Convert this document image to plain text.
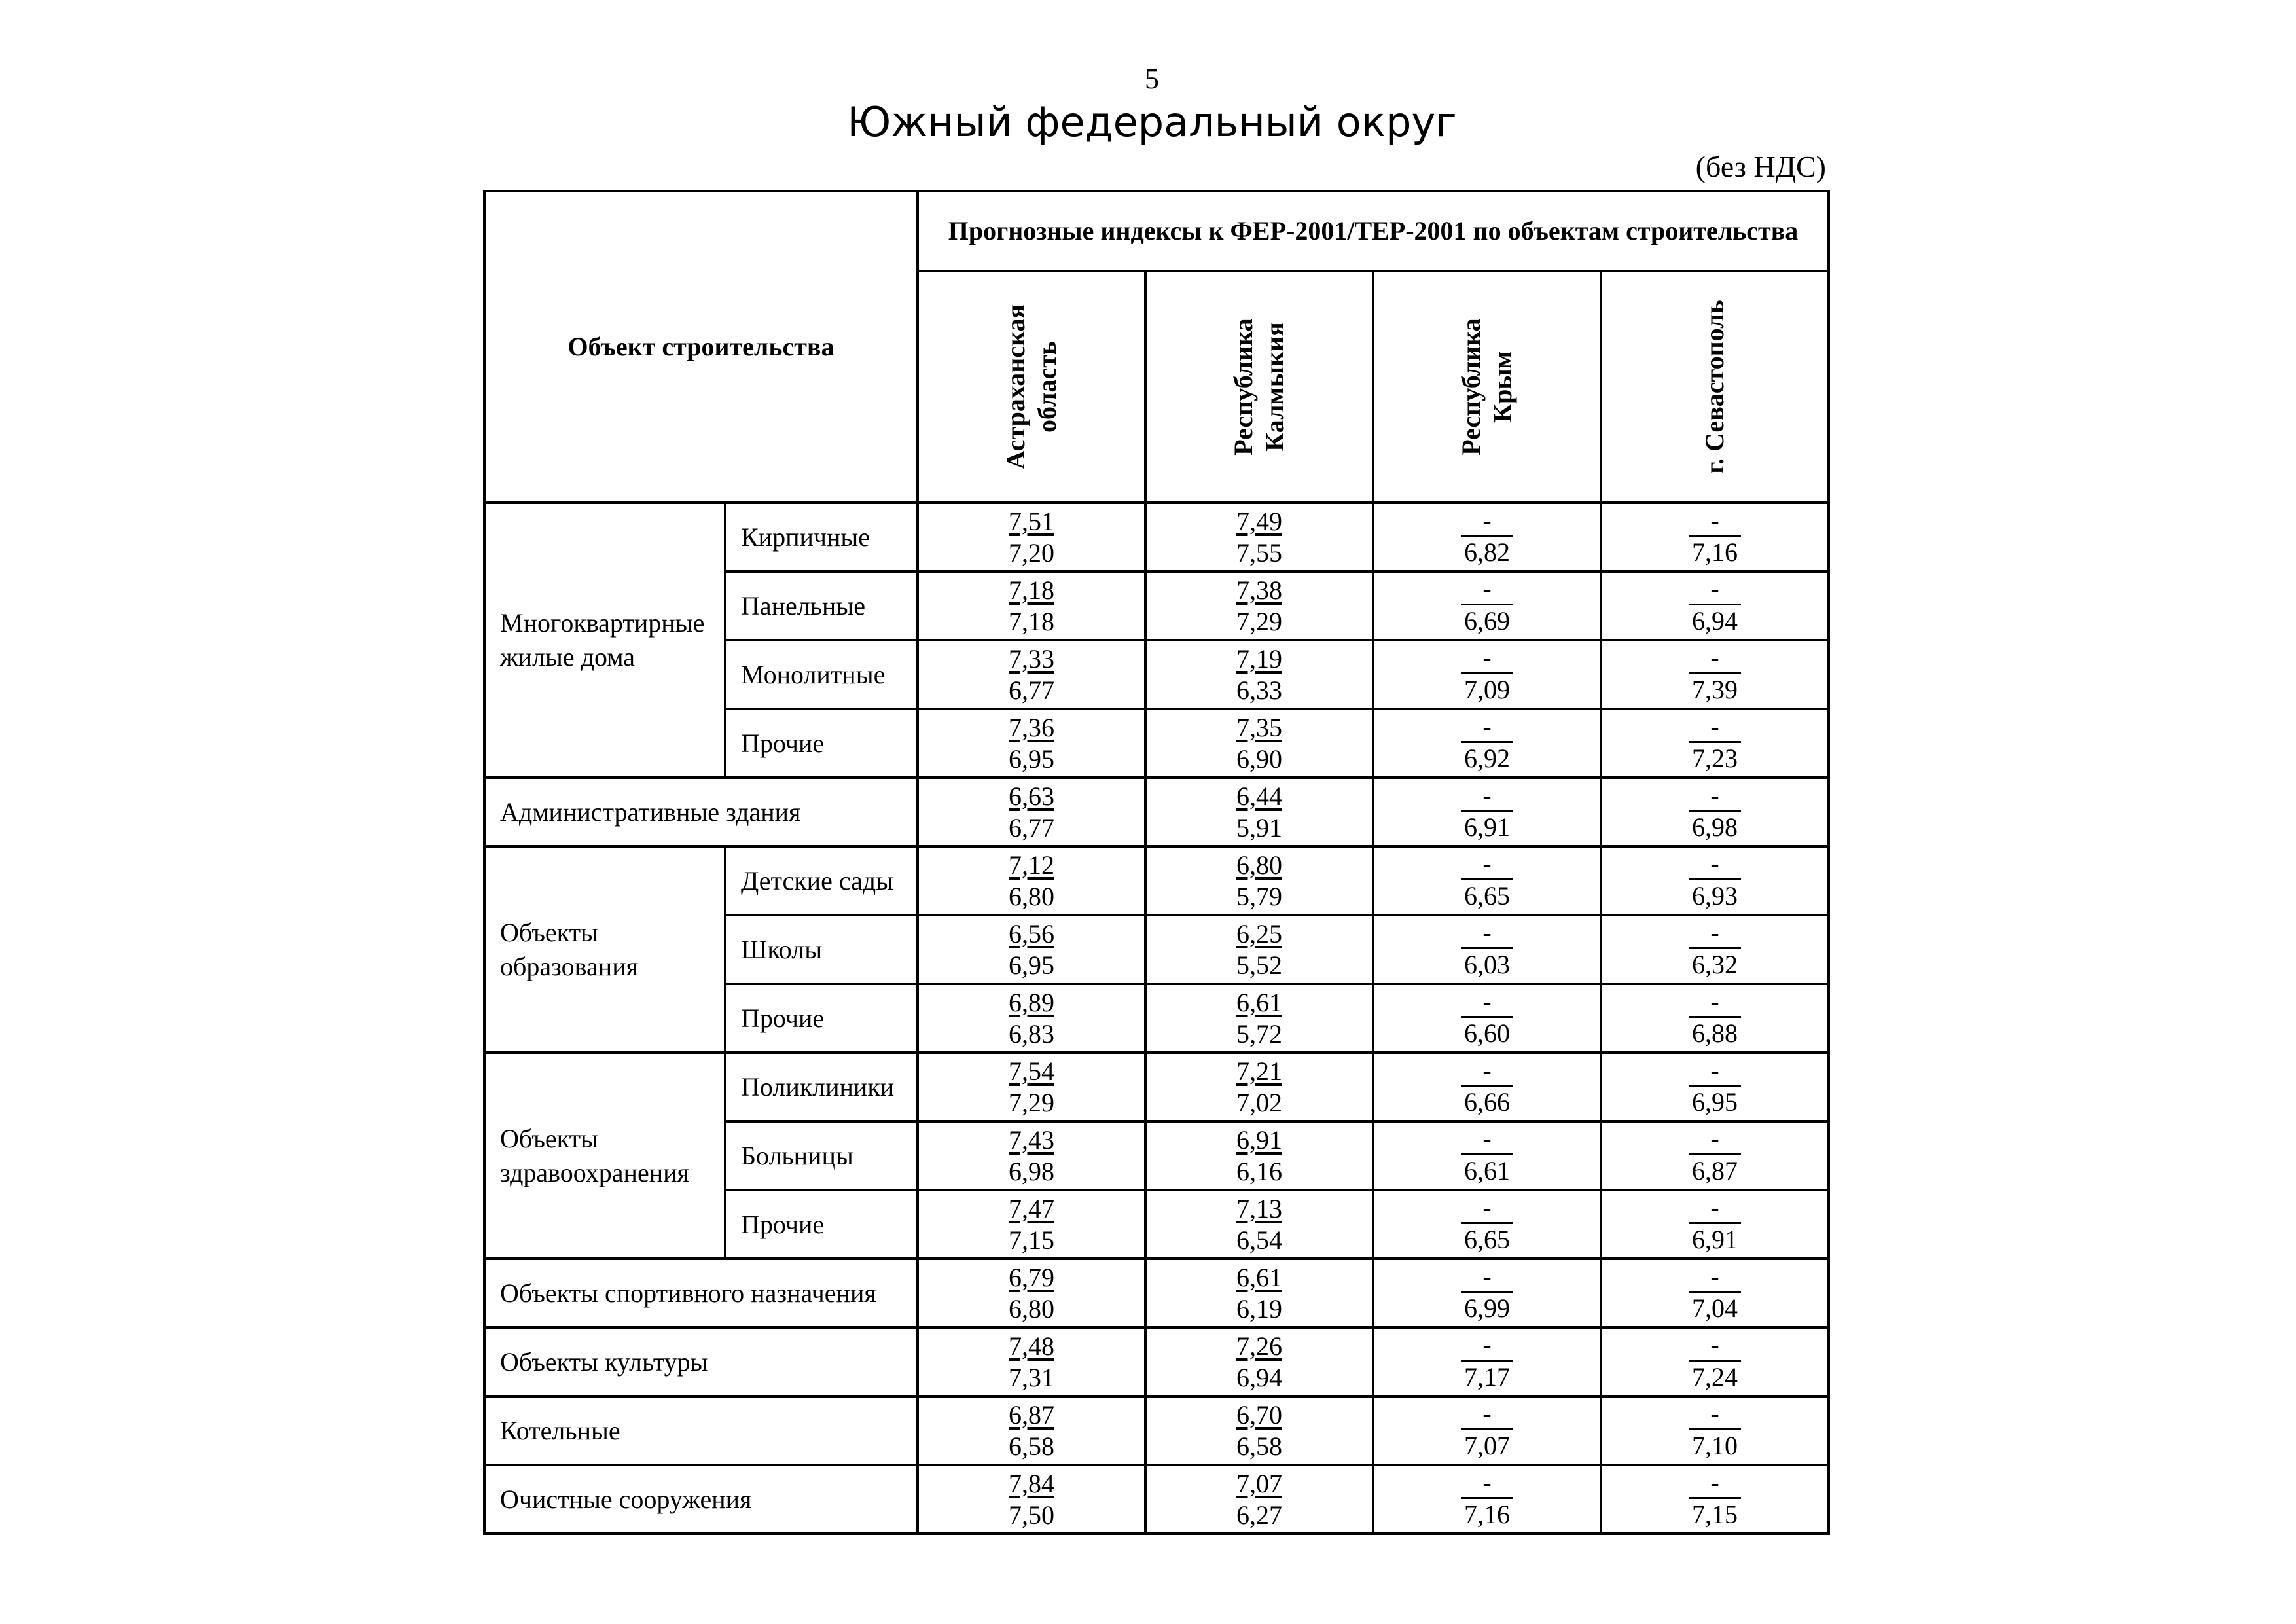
5
Южный федеральный округ
(без НДС)
Объект строительства		Прогнозные индексы к ФЕР-2001/ТЕР-2001 по объектам строительства			

		Астраханская область	Республика Калмыкия	Республика Крым	г. Севастополь

Многоквартирные жилые дома	Кирпичные	$\frac{7,51}{7,20}$	$\frac{7,49}{7,55}$	$\frac{-}{6,82}$	$\frac{-}{7,16}$

	Панельные	$\frac{7,18}{7,18}$	$\frac{7,38}{7,29}$	$\frac{-}{6,69}$	$\frac{-}{6,94}$

	Монолитные	$\frac{7,33}{6,77}$	$\frac{7,19}{6,33}$	$\frac{-}{7,09}$	$\frac{-}{7,39}$

	Прочие	$\frac{7,36}{6,95}$	$\frac{7,35}{6,90}$	$\frac{-}{6,92}$	$\frac{-}{7,23}$

Административные здания		$\frac{6,63}{6,77}$	$\frac{6,44}{5,91}$	$\frac{-}{6,91}$	$\frac{-}{6,98}$

Объекты образования	Детские сады	$\frac{7,12}{6,80}$	$\frac{6,80}{5,79}$	$\frac{-}{6,65}$	$\frac{-}{6,93}$

	Школы	$\frac{6,56}{6,95}$	$\frac{6,25}{5,52}$	$\frac{-}{6,03}$	$\frac{-}{6,32}$

	Прочие	$\frac{6,89}{6,83}$	$\frac{6,61}{5,72}$	$\frac{-}{6,60}$	$\frac{-}{6,88}$

Объекты здравоохранения	Поликлиники	$\frac{7,54}{7,29}$	$\frac{7,21}{7,02}$	$\frac{-}{6,66}$	$\frac{-}{6,95}$

	Больницы	$\frac{7,43}{6,98}$	$\frac{6,91}{6,16}$	$\frac{-}{6,61}$	$\frac{-}{6,87}$

	Прочие	$\frac{7,47}{7,15}$	$\frac{7,13}{6,54}$	$\frac{-}{6,65}$	$\frac{-}{6,91}$

Объекты спортивного назначения		$\frac{6,79}{6,80}$	$\frac{6,61}{6,19}$	$\frac{-}{6,99}$	$\frac{-}{7,04}$

Объекты культуры		$\frac{7,48}{7,31}$	$\frac{7,26}{6,94}$	$\frac{-}{7,17}$	$\frac{-}{7,24}$

Котельные		$\frac{6,87}{6,58}$	$\frac{6,70}{6,58}$	$\frac{-}{7,07}$	$\frac{-}{7,10}$

Очистные сооружения		$\frac{7,84}{7,50}$	$\frac{7,07}{6,27}$	$\frac{-}{7,16}$	$\frac{-}{7,15}$
